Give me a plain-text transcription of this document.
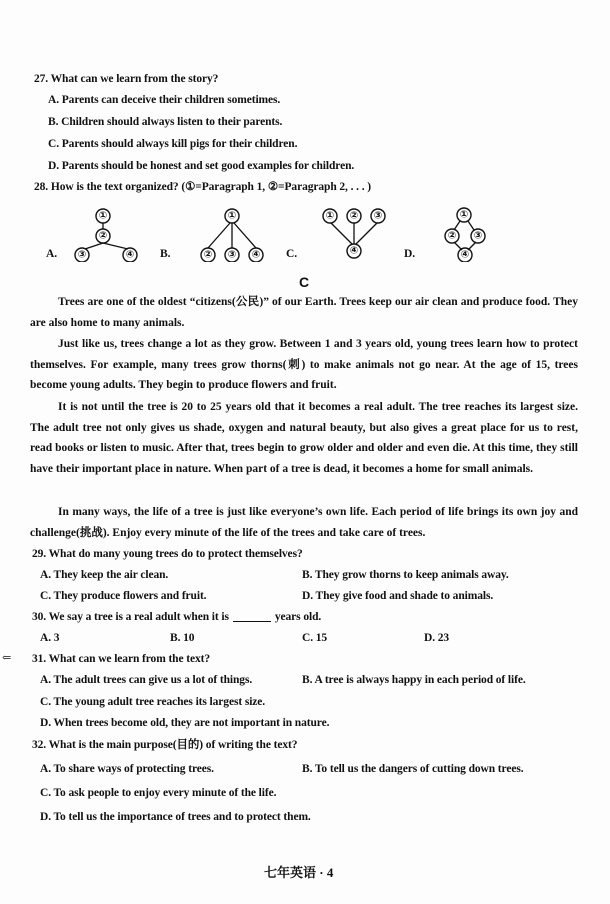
27. What can we learn from the story?
A. Parents can deceive their children sometimes.
B. Children should always listen to their parents.
C. Parents should always kill pigs for their children.
D. Parents should be honest and set good examples for children.
28. How is the text organized? (①=Paragraph 1, ②=Paragraph 2, . . . )
A.
①
②
③	④ B.
①
② ③ ④ C.
① ② ③
④	D.
①
② ③
④
C
Trees are one of the oldest “citizens(公民)” of our Earth. Trees keep our air clean and produce food. They are also home to many animals.
Just like us, trees change a lot as they grow. Between 1 and 3 years old, young trees learn how to protect themselves. For example, many trees grow thorns(刺) to make animals not go near. At the age of 15, trees become young adults. They begin to produce flowers and fruit.
It is not until the tree is 20 to 25 years old that it becomes a real adult. The tree reaches its largest size. The adult tree not only gives us shade, oxygen and natural beauty, but also gives a great place for us to rest, read books or listen to music. After that, trees begin to grow older and older and even die. At this time, they still have their important place in nature. When part of a tree is dead, it becomes a home for small animals.
In many ways, the life of a tree is just like everyone’s own life. Each period of life brings its own joy and challenge(挑战). Enjoy every minute of the life of the trees and take care of trees.
29. What do many young trees do to protect themselves?
A. They keep the air clean.	B. They grow thorns to keep animals away.
C. They produce flowers and fruit.	D. They give food and shade to animals.
30. We say a tree is a real adult when it is	years old.
A. 3	B. 10	C. 15	D. 23
⇐ 31. What can we learn from the text?
A. The adult trees can give us a lot of things.	B. A tree is always happy in each period of life.
C. The young adult tree reaches its largest size.
D. When trees become old, they are not important in nature.
32. What is the main purpose(目的) of writing the text?
A. To share ways of protecting trees.	B. To tell us the dangers of cutting down trees.
C. To ask people to enjoy every minute of the life.
D. To tell us the importance of trees and to protect them.
七年英语 · 4
